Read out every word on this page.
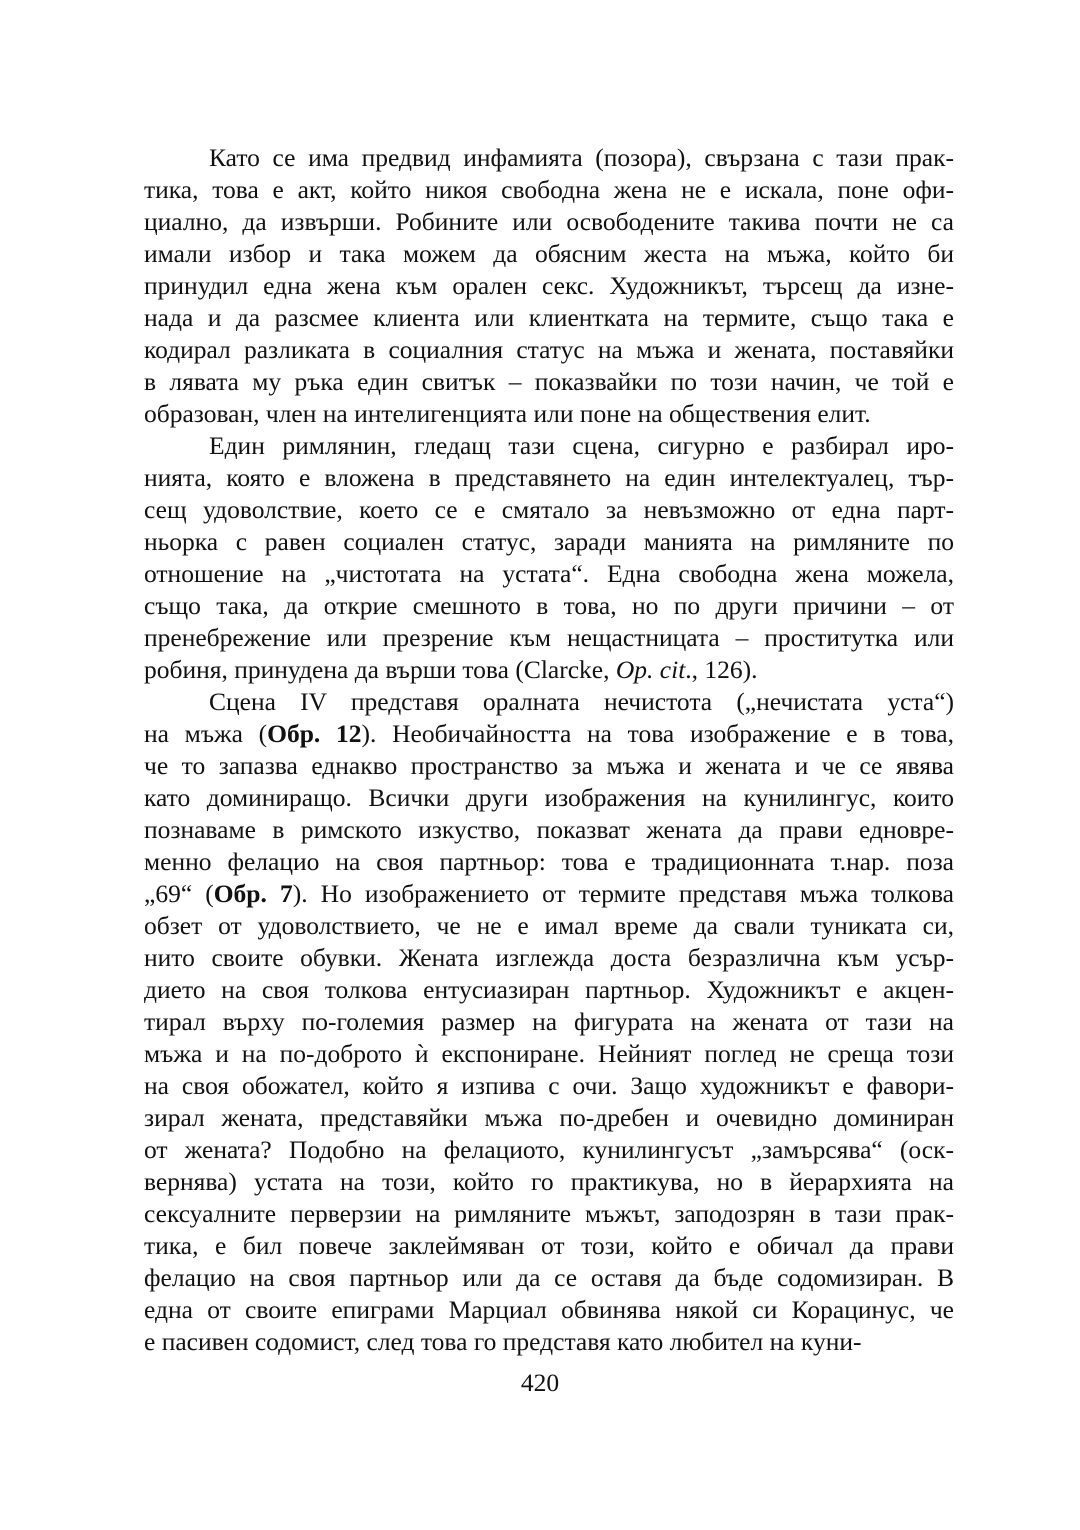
Като се има предвид инфамията (позора), свързана с тази прак-
тика, това е акт, който никоя свободна жена не е искала, поне офи-
циално, да извърши. Робините или освободените такива почти не са
имали избор и така можем да обясним жеста на мъжа, който би
принудил една жена към орален секс. Художникът, търсещ да изне-
нада и да разсмее клиента или клиентката на термите, също така е
кодирал разликата в социалния статус на мъжа и жената, поставяйки
в лявата му ръка един свитък – показвайки по този начин, че той е
образован, член на интелигенцията или поне на обществения елит.
Един римлянин, гледащ тази сцена, сигурно е разбирал иро-
нията, която е вложена в представянето на един интелектуалец, тър-
сещ удоволствие, което се е смятало за невъзможно от една парт-
ньорка с равен социален статус, заради манията на римляните по
отношение на „чистотата на устата“. Една свободна жена можела,
също така, да открие смешното в това, но по други причини – от
пренебрежение или презрение към нещастницата – проститутка или
робиня, принудена да върши това (Clarcke, Op. cit., 126).
Сцена IV представя оралната нечистота („нечистата уста“)
на мъжа (Обр. 12). Необичайността на това изображение е в това,
че то запазва еднакво пространство за мъжа и жената и че се явява
като доминиращо. Всички други изображения на кунилингус, които
познаваме в римското изкуство, показват жената да прави едновре-
менно фелацио на своя партньор: това е традиционната т.нар. поза
„69“ (Обр. 7). Но изображението от термите представя мъжа толкова
обзет от удоволствието, че не е имал време да свали туниката си,
нито своите обувки. Жената изглежда доста безразлична към усър-
дието на своя толкова ентусиазиран партньор. Художникът е акцен-
тирал върху по-големия размер на фигурата на жената от тази на
мъжа и на по-доброто ѝ експониране. Нейният поглед не среща този
на своя обожател, който я изпива с очи. Защо художникът е фавори-
зирал жената, представяйки мъжа по-дребен и очевидно доминиран
от жената? Подобно на фелациото, кунилингусът „замърсява“ (оск-
вернява) устата на този, който го практикува, но в йерархията на
сексуалните перверзии на римляните мъжът, заподозрян в тази прак-
тика, е бил повече заклеймяван от този, който е обичал да прави
фелацио на своя партньор или да се оставя да бъде содомизиран. В
една от своите епиграми Марциал обвинява някой си Корацинус, че
е пасивен содомист, след това го представя като любител на куни-
420
